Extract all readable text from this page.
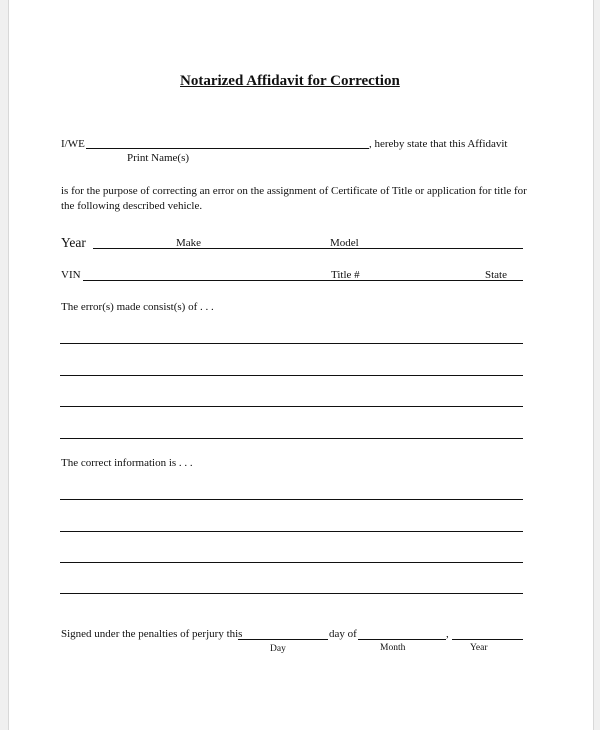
Notarized Affidavit for Correction
I/WE	, hereby state that this Affidavit
Print Name(s)
is for the purpose of correcting an error on the assignment of Certificate of Title or application for title for
the following described vehicle.
Year	Make	Model
VIN	Title #	State
The error(s) made consist(s) of . . .
The correct information is . . .
Signed under the penalties of perjury this	day of	,
Day	Month	Year
